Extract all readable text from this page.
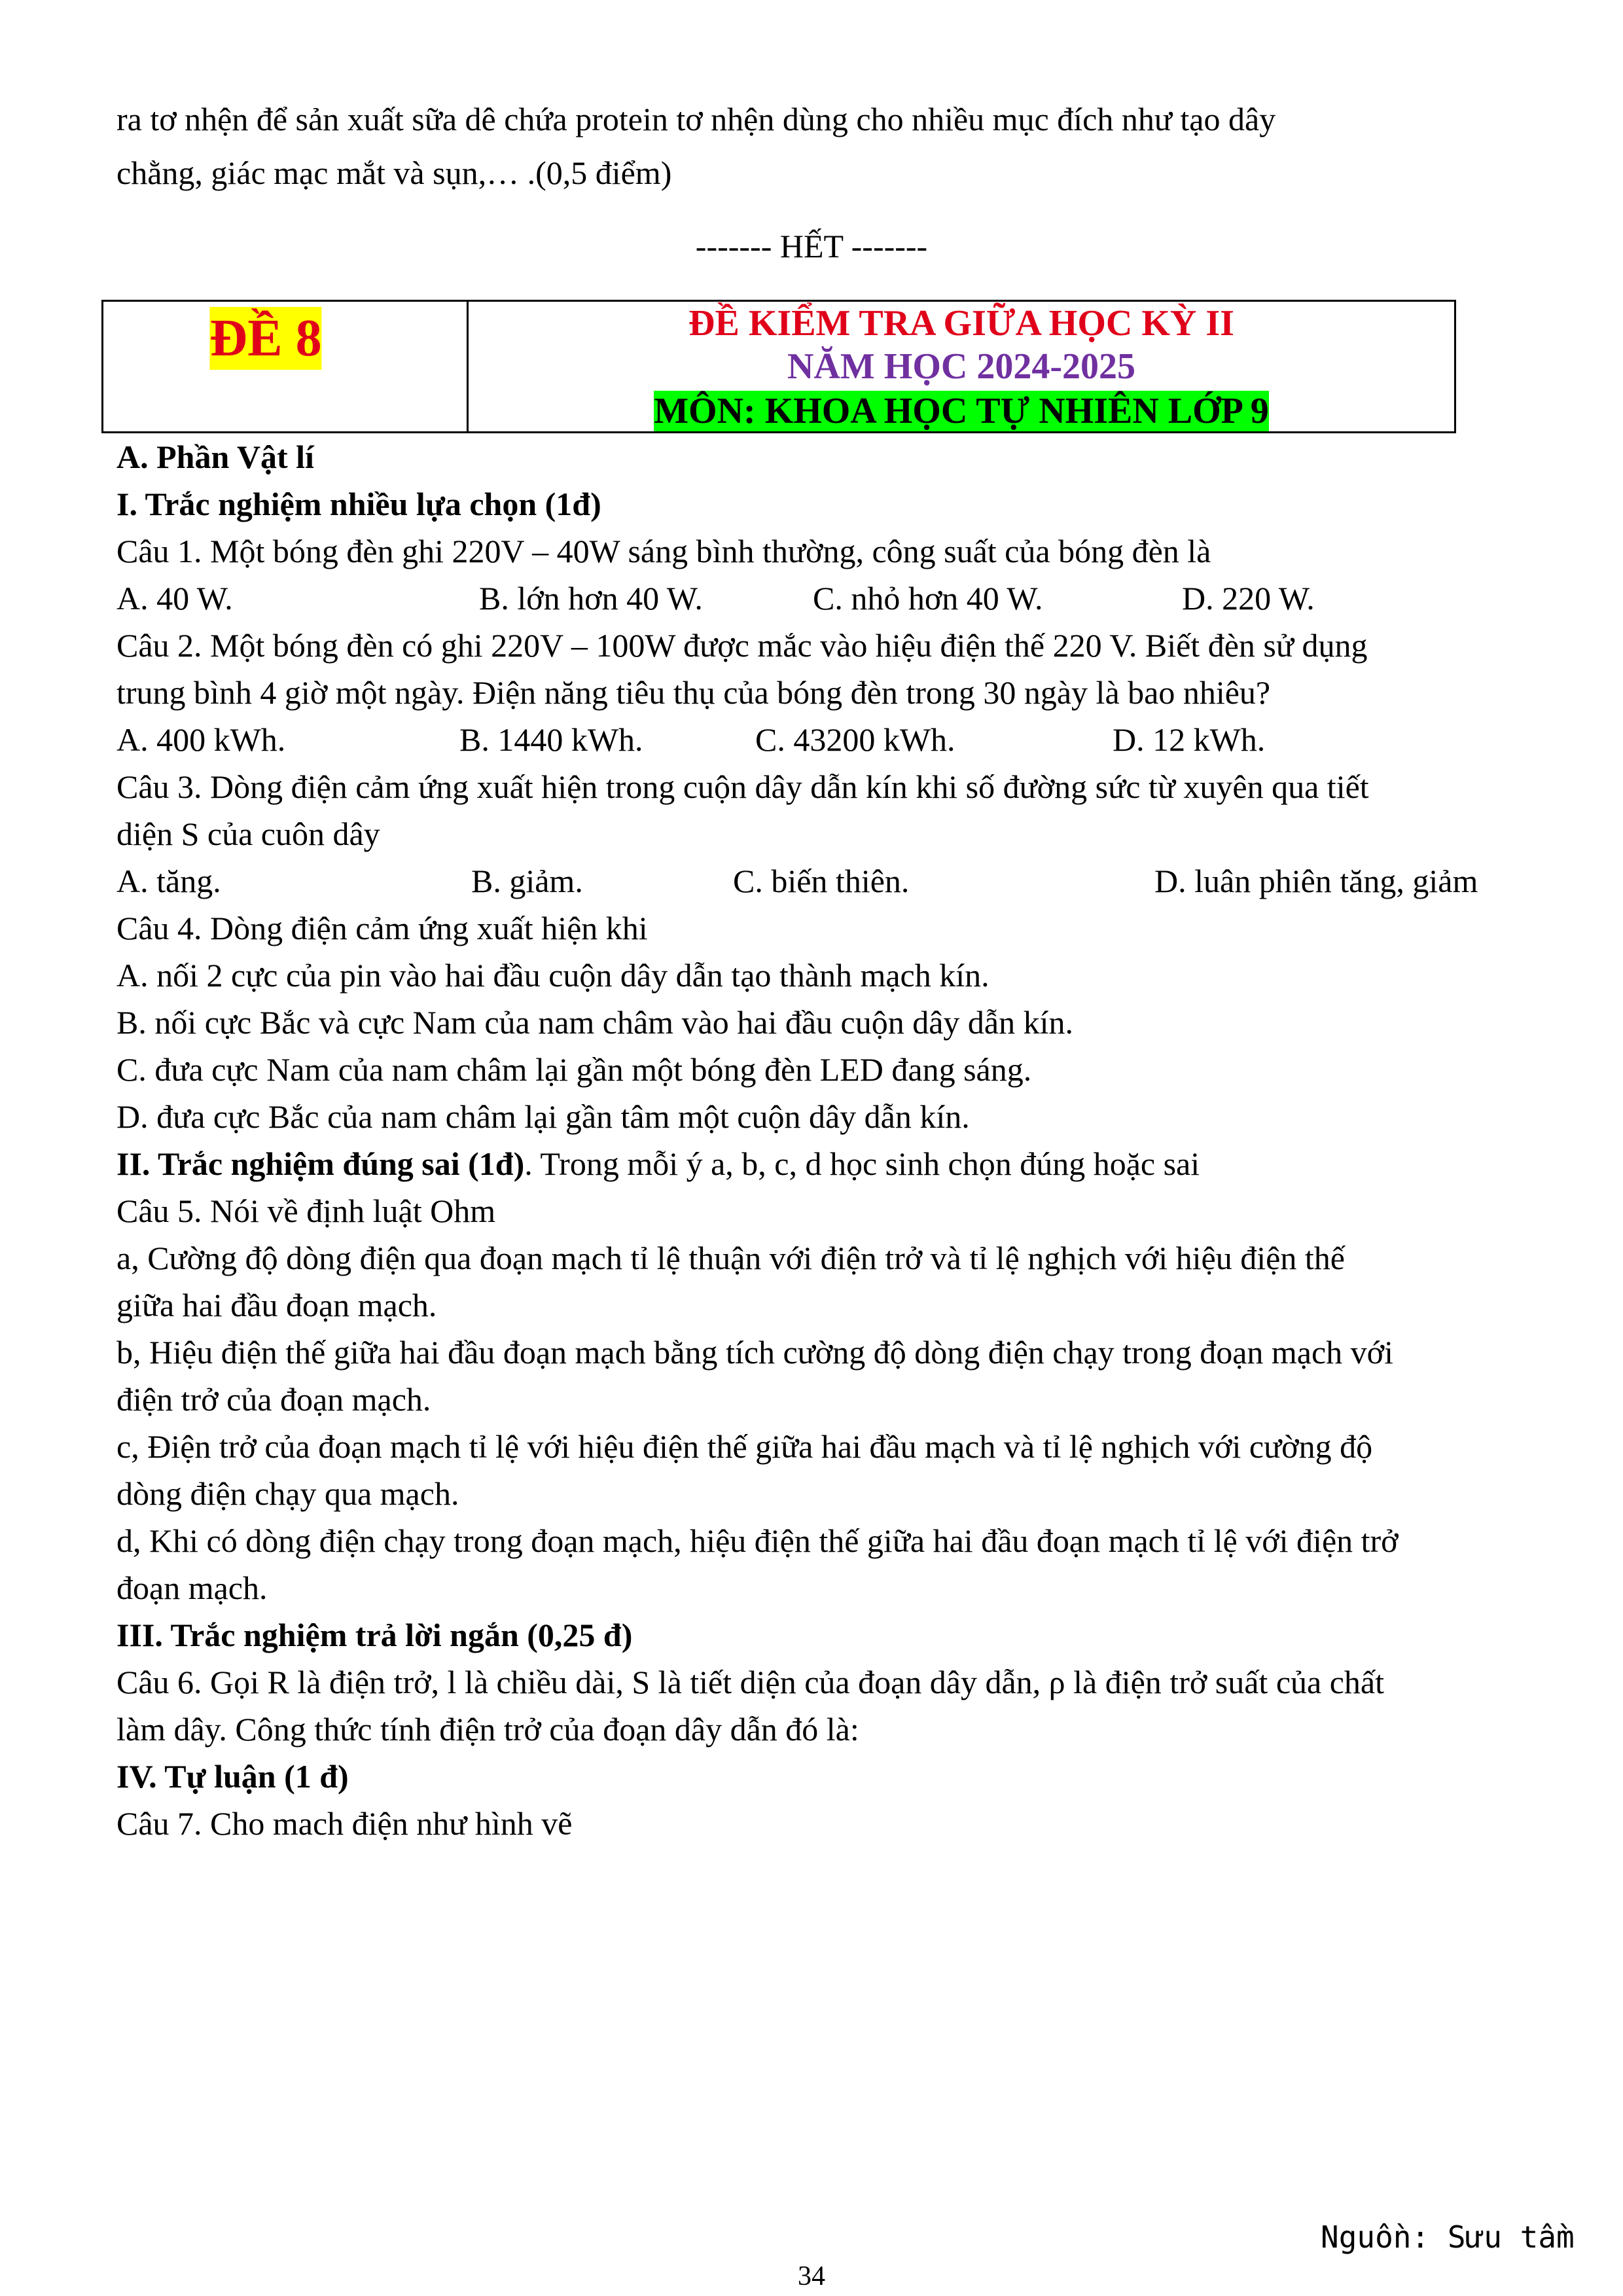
ra tơ nhện để sản xuất sữa dê chứa protein tơ nhện dùng cho nhiều mục đích như tạo dây
chằng, giác mạc mắt và sụn,… .(0,5 điểm)
------- HẾT -------
ĐỀ 8	ĐỀ KIỂM TRA GIỮA HỌC KỲ II
NĂM HỌC 2024-2025
MÔN: KHOA HỌC TỰ NHIÊN LỚP 9
A. Phần Vật lí
I. Trắc nghiệm nhiều lựa chọn (1đ)
Câu 1. Một bóng đèn ghi 220V – 40W sáng bình thường, công suất của bóng đèn là
A. 40 W.	B. lớn hơn 40 W.	C. nhỏ hơn 40 W.	D. 220 W.
Câu 2. Một bóng đèn có ghi 220V – 100W được mắc vào hiệu điện thế 220 V. Biết đèn sử dụng
trung bình 4 giờ một ngày. Điện năng tiêu thụ của bóng đèn trong 30 ngày là bao nhiêu?
A. 400 kWh.	B. 1440 kWh.	C. 43200 kWh.	D. 12 kWh.
Câu 3. Dòng điện cảm ứng xuất hiện trong cuộn dây dẫn kín khi số đường sức từ xuyên qua tiết
diện S của cuôn dây
A. tăng.	B. giảm.	C. biến thiên.	D. luân phiên tăng, giảm
Câu 4. Dòng điện cảm ứng xuất hiện khi
A. nối 2 cực của pin vào hai đầu cuộn dây dẫn tạo thành mạch kín.
B. nối cực Bắc và cực Nam của nam châm vào hai đầu cuộn dây dẫn kín.
C. đưa cực Nam của nam châm lại gần một bóng đèn LED đang sáng.
D. đưa cực Bắc của nam châm lại gần tâm một cuộn dây dẫn kín.
II. Trắc nghiệm đúng sai (1đ). Trong mỗi ý a, b, c, d học sinh chọn đúng hoặc sai
Câu 5. Nói về định luật Ohm
a, Cường độ dòng điện qua đoạn mạch tỉ lệ thuận với điện trở và tỉ lệ nghịch với hiệu điện thế
giữa hai đầu đoạn mạch.
b, Hiệu điện thế giữa hai đầu đoạn mạch bằng tích cường độ dòng điện chạy trong đoạn mạch với
điện trở của đoạn mạch.
c, Điện trở của đoạn mạch tỉ lệ với hiệu điện thế giữa hai đầu mạch và tỉ lệ nghịch với cường độ
dòng điện chạy qua mạch.
d, Khi có dòng điện chạy trong đoạn mạch, hiệu điện thế giữa hai đầu đoạn mạch tỉ lệ với điện trở
đoạn mạch.
III. Trắc nghiệm trả lời ngắn (0,25 đ)
Câu 6. Gọi R là điện trở, l là chiều dài, S là tiết diện của đoạn dây dẫn, ρ là điện trở suất của chất
làm dây. Công thức tính điện trở của đoạn dây dẫn đó là:
IV. Tự luận (1 đ)
Câu 7. Cho mach điện như hình vẽ
Nguồn: Sưu tầm
34
